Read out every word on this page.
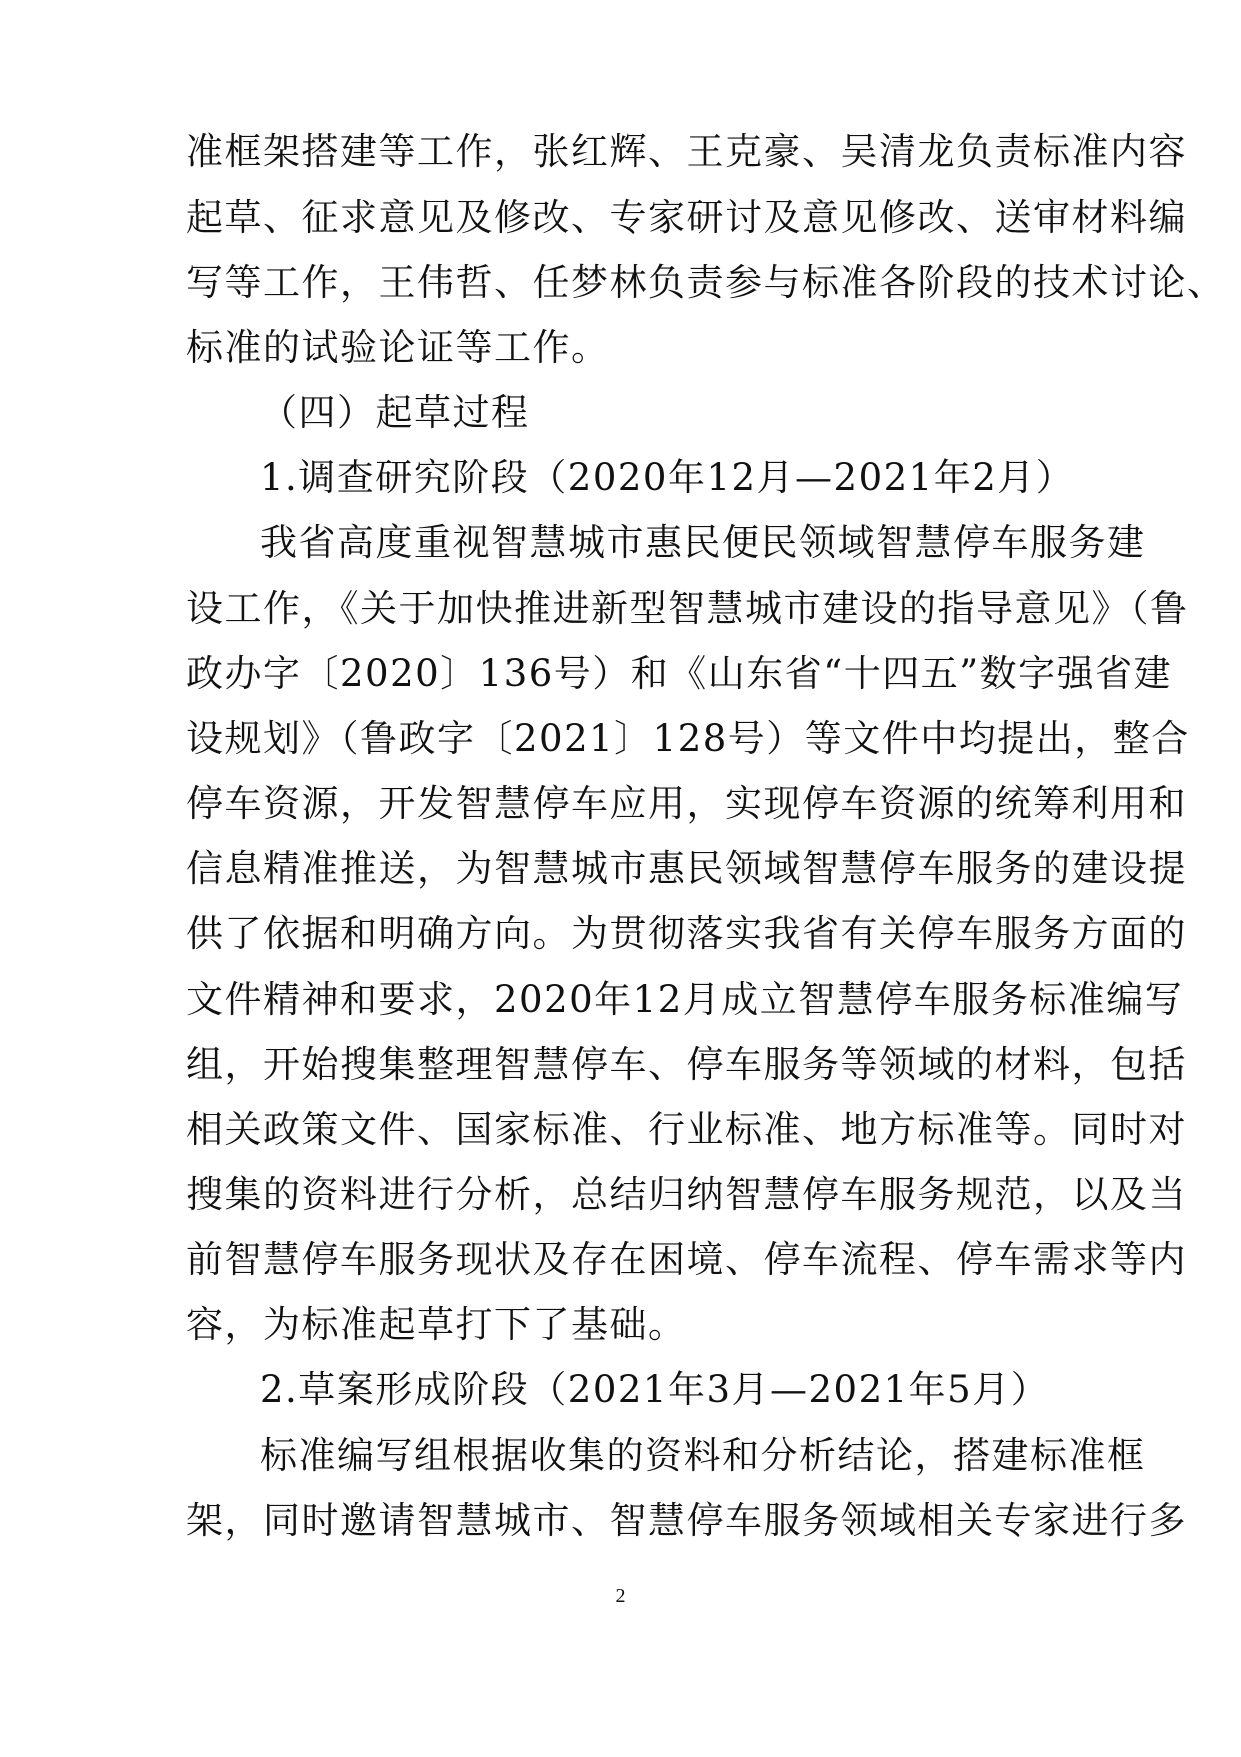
准框架搭建等工作，张红辉、王克豪、吴清龙负责标准内容
起草、征求意见及修改、专家研讨及意见修改、送审材料编
写等工作，王伟哲、任梦林负责参与标准各阶段的技术讨论、
标准的试验论证等工作。
（四）起草过程
1.调查研究阶段（2020年12月—2021年2月）
我省高度重视智慧城市惠民便民领域智慧停车服务建
设工作，《关于加快推进新型智慧城市建设的指导意见》（鲁
政办字〔2020〕136号）和《山东省“十四五”数字强省建
设规划》（鲁政字〔2021〕128号）等文件中均提出，整合
停车资源，开发智慧停车应用，实现停车资源的统筹利用和
信息精准推送，为智慧城市惠民领域智慧停车服务的建设提
供了依据和明确方向。为贯彻落实我省有关停车服务方面的
文件精神和要求，2020年12月成立智慧停车服务标准编写
组，开始搜集整理智慧停车、停车服务等领域的材料，包括
相关政策文件、国家标准、行业标准、地方标准等。同时对
搜集的资料进行分析，总结归纳智慧停车服务规范，以及当
前智慧停车服务现状及存在困境、停车流程、停车需求等内
容，为标准起草打下了基础。
2.草案形成阶段（2021年3月—2021年5月）
标准编写组根据收集的资料和分析结论，搭建标准框
架，同时邀请智慧城市、智慧停车服务领域相关专家进行多
2
